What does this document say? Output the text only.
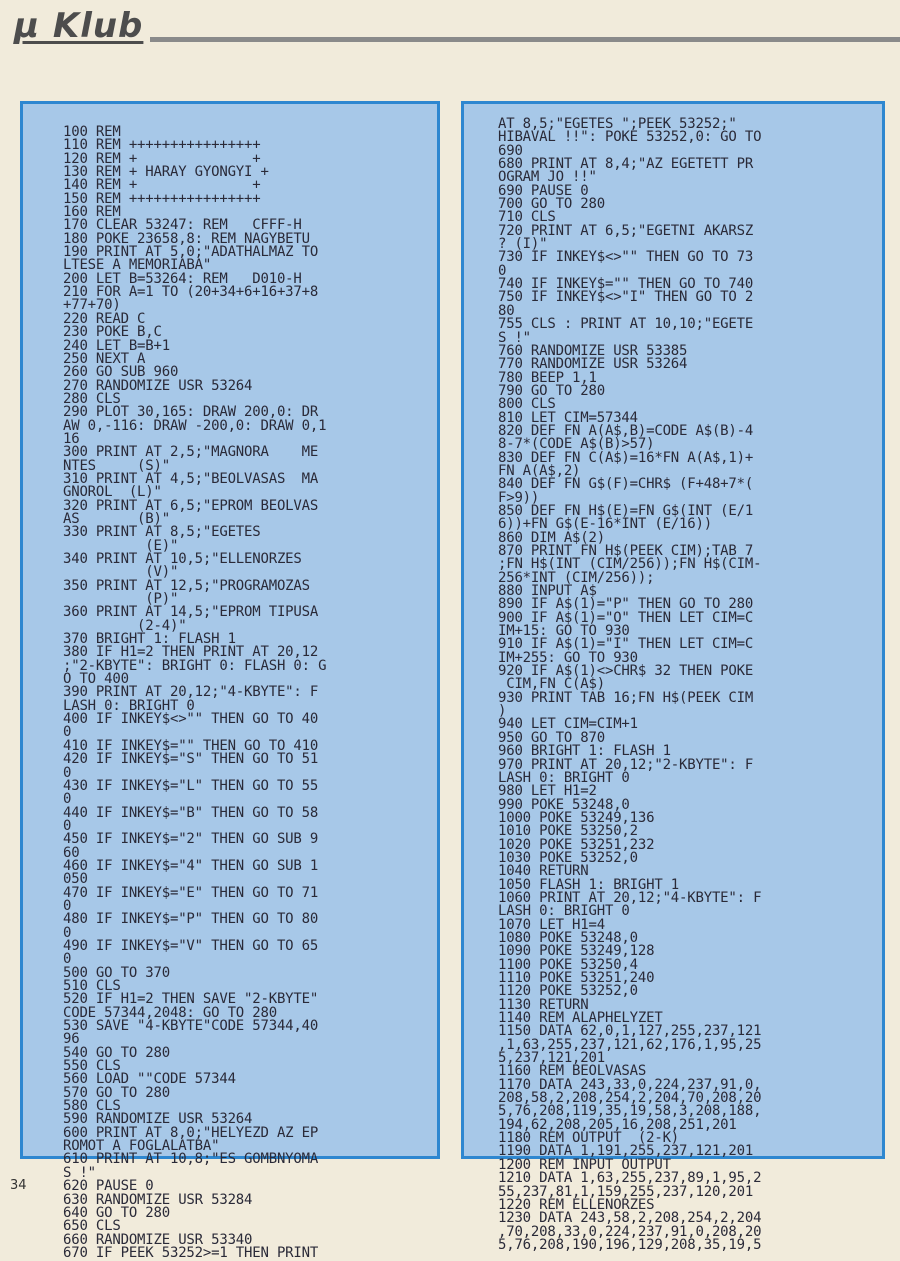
µ Klub
100 REM
110 REM ++++++++++++++++
120 REM +              +
130 REM + HARAY GYONGYI +
140 REM +              +
150 REM ++++++++++++++++
160 REM
170 CLEAR 53247: REM   CFFF-H
180 POKE 23658,8: REM NAGYBETU
190 PRINT AT 5,0;"ADATHALMAZ TO
LTESE A MEMORIABA"
200 LET B=53264: REM   D010-H
210 FOR A=1 TO (20+34+6+16+37+8
+77+70)
220 READ C
230 POKE B,C
240 LET B=B+1
250 NEXT A
260 GO SUB 960
270 RANDOMIZE USR 53264
280 CLS
290 PLOT 30,165: DRAW 200,0: DR
AW 0,-116: DRAW -200,0: DRAW 0,1
16
300 PRINT AT 2,5;"MAGNORA    ME
NTES     (S)"
310 PRINT AT 4,5;"BEOLVASAS  MA
GNOROL  (L)"
320 PRINT AT 6,5;"EPROM BEOLVAS
AS       (B)"
330 PRINT AT 8,5;"EGETES
(E)"
340 PRINT AT 10,5;"ELLENORZES
(V)"
350 PRINT AT 12,5;"PROGRAMOZAS
(P)"
360 PRINT AT 14,5;"EPROM TIPUSA
(2-4)"
370 BRIGHT 1: FLASH 1
380 IF H1=2 THEN PRINT AT 20,12
;"2-KBYTE": BRIGHT 0: FLASH 0: G
O TO 400
390 PRINT AT 20,12;"4-KBYTE": F
LASH 0: BRIGHT 0
400 IF INKEY$<>"" THEN GO TO 40
0
410 IF INKEY$="" THEN GO TO 410
420 IF INKEY$="S" THEN GO TO 51
0
430 IF INKEY$="L" THEN GO TO 55
0
440 IF INKEY$="B" THEN GO TO 58
0
450 IF INKEY$="2" THEN GO SUB 9
60
460 IF INKEY$="4" THEN GO SUB 1
050
470 IF INKEY$="E" THEN GO TO 71
0
480 IF INKEY$="P" THEN GO TO 80
0
490 IF INKEY$="V" THEN GO TO 65
0
500 GO TO 370
510 CLS
520 IF H1=2 THEN SAVE "2-KBYTE"
CODE 57344,2048: GO TO 280
530 SAVE "4-KBYTE"CODE 57344,40
96
540 GO TO 280
550 CLS
560 LOAD ""CODE 57344
570 GO TO 280
580 CLS
590 RANDOMIZE USR 53264
600 PRINT AT 8,0;"HELYEZD AZ EP
ROMOT A FOGLALATBA"
610 PRINT AT 10,8;"ES GOMBNYOMA
S !"
620 PAUSE 0
630 RANDOMIZE USR 53284
640 GO TO 280
650 CLS
660 RANDOMIZE USR 53340
670 IF PEEK 53252>=1 THEN PRINT
AT 8,5;"EGETES ";PEEK 53252;"
HIBAVAL !!": POKE 53252,0: GO TO
690
680 PRINT AT 8,4;"AZ EGETETT PR
OGRAM JO !!"
690 PAUSE 0
700 GO TO 280
710 CLS
720 PRINT AT 6,5;"EGETNI AKARSZ
? (I)"
730 IF INKEY$<>"" THEN GO TO 73
0
740 IF INKEY$="" THEN GO TO 740
750 IF INKEY$<>"I" THEN GO TO 2
80
755 CLS : PRINT AT 10,10;"EGETE
S !"
760 RANDOMIZE USR 53385
770 RANDOMIZE USR 53264
780 BEEP 1,1
790 GO TO 280
800 CLS
810 LET CIM=57344
820 DEF FN A(A$,B)=CODE A$(B)-4
8-7*(CODE A$(B)>57)
830 DEF FN C(A$)=16*FN A(A$,1)+
FN A(A$,2)
840 DEF FN G$(F)=CHR$ (F+48+7*(
F>9))
850 DEF FN H$(E)=FN G$(INT (E/1
6))+FN G$(E-16*INT (E/16))
860 DIM A$(2)
870 PRINT FN H$(PEEK CIM);TAB 7
;FN H$(INT (CIM/256));FN H$(CIM-
256*INT (CIM/256));
880 INPUT A$
890 IF A$(1)="P" THEN GO TO 280
900 IF A$(1)="O" THEN LET CIM=C
IM+15: GO TO 930
910 IF A$(1)="I" THEN LET CIM=C
IM+255: GO TO 930
920 IF A$(1)<>CHR$ 32 THEN POKE
CIM,FN C(A$)
930 PRINT TAB 16;FN H$(PEEK CIM
)
940 LET CIM=CIM+1
950 GO TO 870
960 BRIGHT 1: FLASH 1
970 PRINT AT 20,12;"2-KBYTE": F
LASH 0: BRIGHT 0
980 LET H1=2
990 POKE 53248,0
1000 POKE 53249,136
1010 POKE 53250,2
1020 POKE 53251,232
1030 POKE 53252,0
1040 RETURN
1050 FLASH 1: BRIGHT 1
1060 PRINT AT 20,12;"4-KBYTE": F
LASH 0: BRIGHT 0
1070 LET H1=4
1080 POKE 53248,0
1090 POKE 53249,128
1100 POKE 53250,4
1110 POKE 53251,240
1120 POKE 53252,0
1130 RETURN
1140 REM ALAPHELYZET
1150 DATA 62,0,1,127,255,237,121
,1,63,255,237,121,62,176,1,95,25
5,237,121,201
1160 REM BEOLVASAS
1170 DATA 243,33,0,224,237,91,0,
208,58,2,208,254,2,204,70,208,20
5,76,208,119,35,19,58,3,208,188,
194,62,208,205,16,208,251,201
1180 REM OUTPUT  (2-K)
1190 DATA 1,191,255,237,121,201
1200 REM INPUT OUTPUT
1210 DATA 1,63,255,237,89,1,95,2
55,237,81,1,159,255,237,120,201
1220 REM ELLENORZES
1230 DATA 243,58,2,208,254,2,204
,70,208,33,0,224,237,91,0,208,20
5,76,208,190,196,129,208,35,19,5
34
